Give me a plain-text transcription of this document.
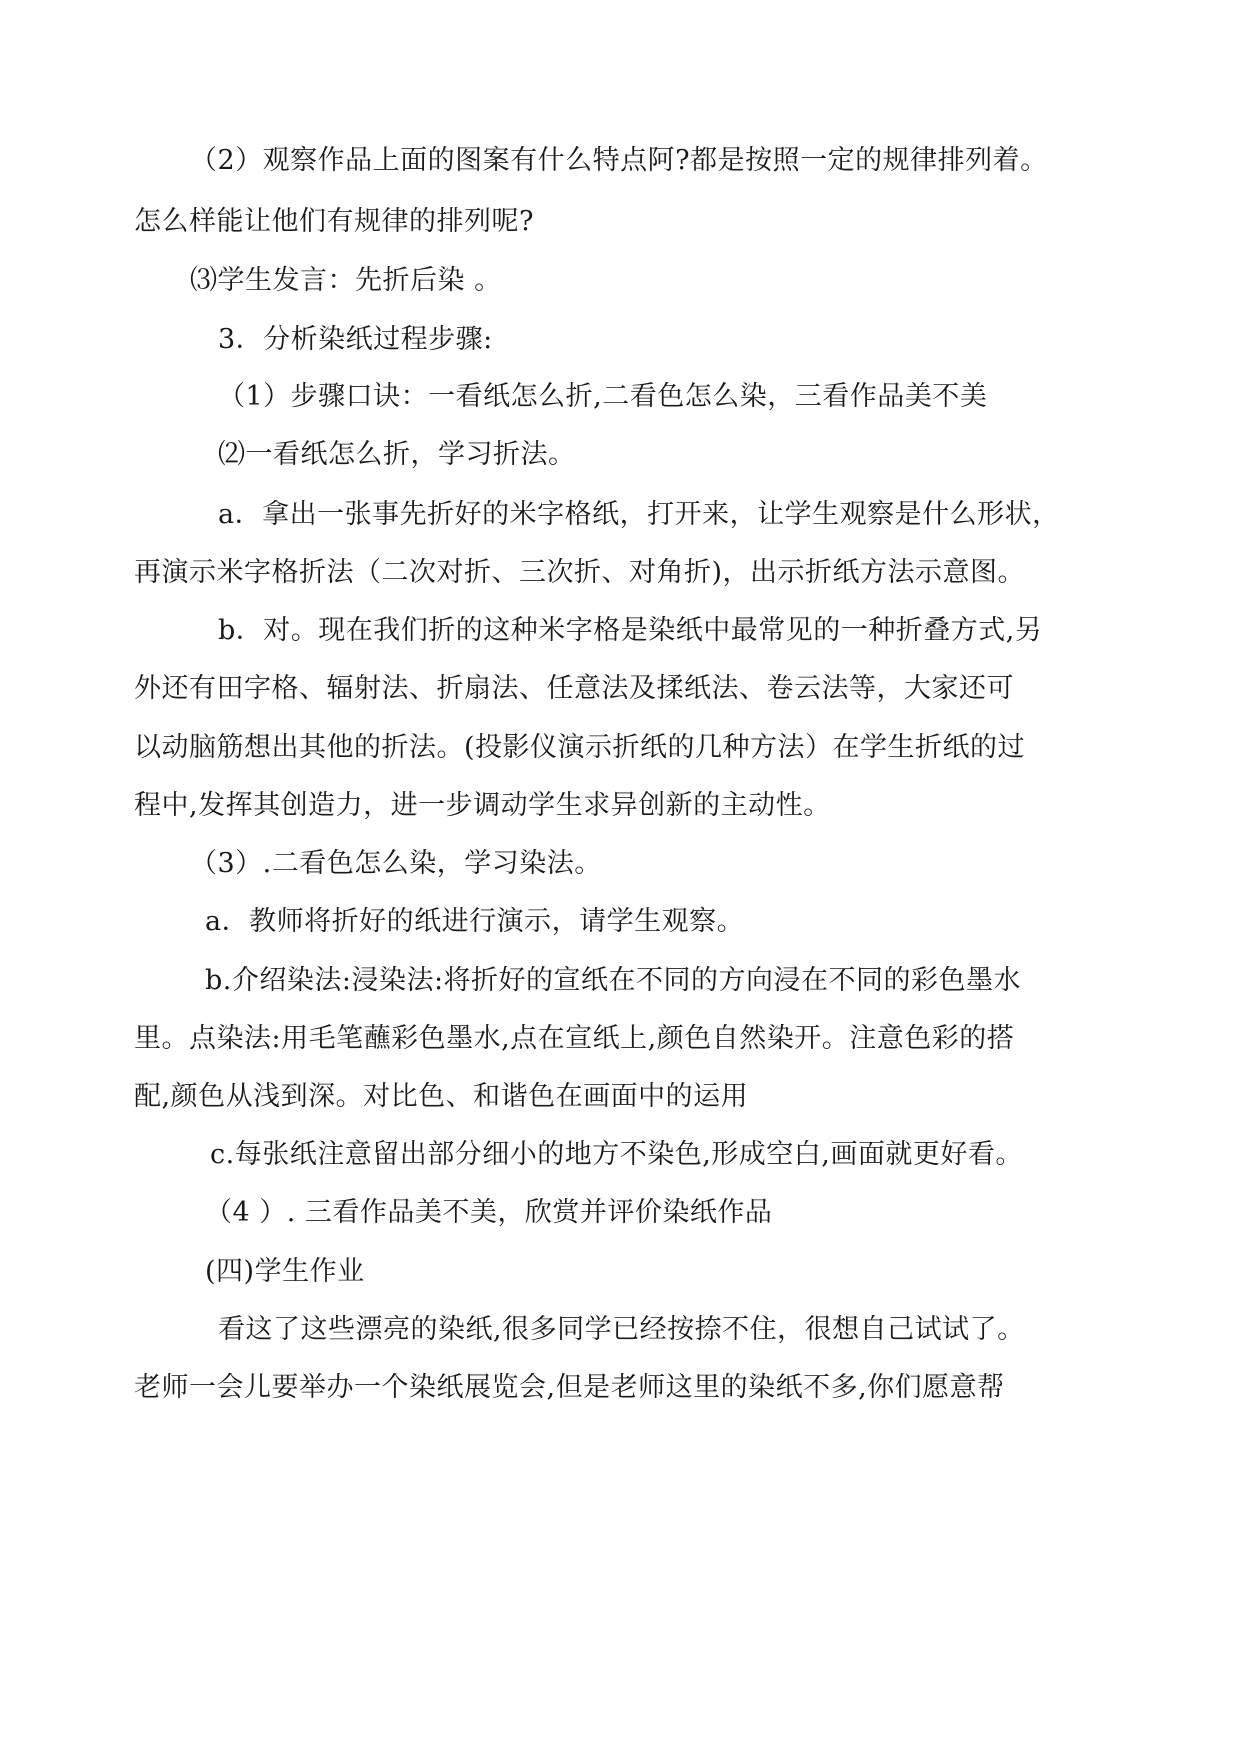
（2）观察作品上面的图案有什么特点阿?都是按照一定的规律排列着。
怎么样能让他们有规律的排列呢?
⑶学生发言：先折后染 。
3．分析染纸过程步骤:
（1）步骤口诀：一看纸怎么折,二看色怎么染，三看作品美不美
⑵一看纸怎么折，学习折法。
a．拿出一张事先折好的米字格纸，打开来，让学生观察是什么形状，
再演示米字格折法（二次对折、三次折、对角折)，出示折纸方法示意图。
b．对。现在我们折的这种米字格是染纸中最常见的一种折叠方式,另
外还有田字格、辐射法、折扇法、任意法及揉纸法、卷云法等，大家还可
以动脑筋想出其他的折法。(投影仪演示折纸的几种方法）在学生折纸的过
程中,发挥其创造力，进一步调动学生求异创新的主动性。
（3）.二看色怎么染，学习染法。
a．教师将折好的纸进行演示，请学生观察。
b.介绍染法:浸染法:将折好的宣纸在不同的方向浸在不同的彩色墨水
里。点染法:用毛笔蘸彩色墨水,点在宣纸上,颜色自然染开。注意色彩的搭
配,颜色从浅到深。对比色、和谐色在画面中的运用
c.每张纸注意留出部分细小的地方不染色,形成空白,画面就更好看。
（4 ）. 三看作品美不美，欣赏并评价染纸作品
(四)学生作业
看这了这些漂亮的染纸,很多同学已经按捺不住，很想自己试试了。
老师一会儿要举办一个染纸展览会,但是老师这里的染纸不多,你们愿意帮
